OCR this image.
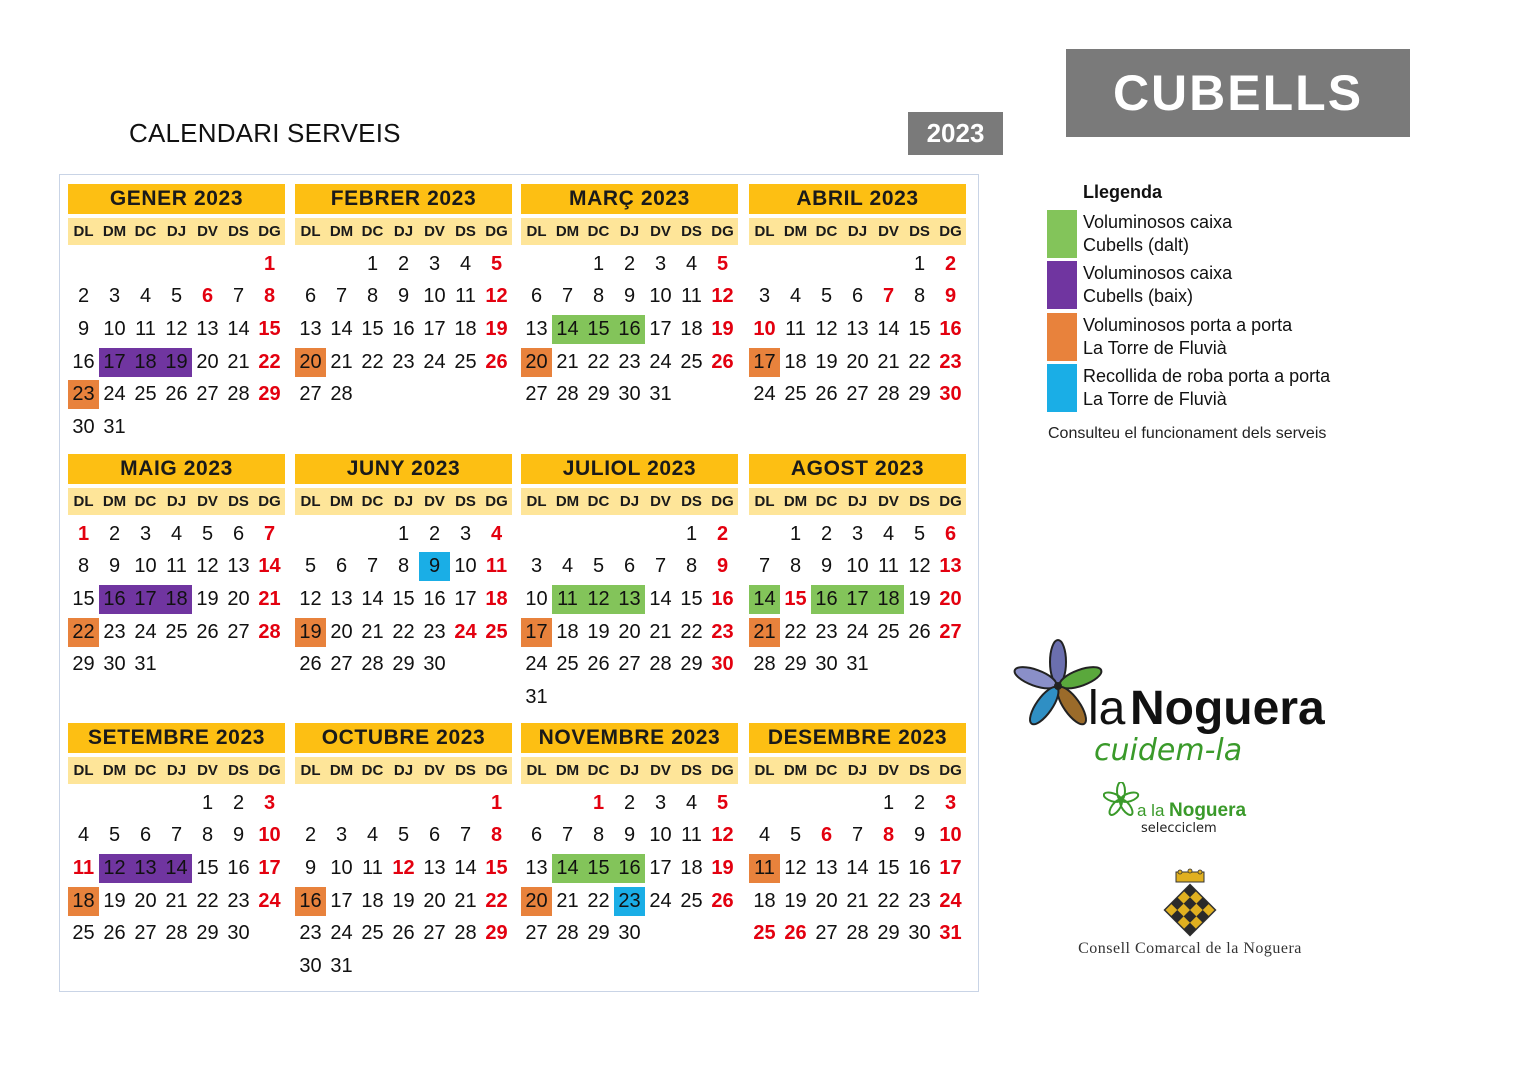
CALENDARI SERVEIS	2023
CUBELLS
GENER 2023
DL DM DC DJ DV DS DG
1
2 3 4 5 6 7 8
9 10 11 12 13 14 15
16 17 18 19 20 21 22
23 24 25 26 27 28 29
30 31
FEBRER 2023
DL DM DC DJ DV DS DG
1 2 3 4 5
6 7 8 9 10 11 12
13 14 15 16 17 18 19
20 21 22 23 24 25 26
27 28
MARÇ 2023
DL DM DC DJ DV DS DG
1 2 3 4 5
6 7 8 9 10 11 12
13 14 15 16 17 18 19
20 21 22 23 24 25 26
27 28 29 30 31
ABRIL 2023
DL DM DC DJ DV DS DG
1 2
3 4 5 6 7 8 9
10 11 12 13 14 15 16
17 18 19 20 21 22 23
24 25 26 27 28 29 30
MAIG 2023
DL DM DC DJ DV DS DG
1 2 3 4 5 6 7
8 9 10 11 12 13 14
15 16 17 18 19 20 21
22 23 24 25 26 27 28
29 30 31
JUNY 2023
DL DM DC DJ DV DS DG
1 2 3 4
5 6 7 8 9 10 11
12 13 14 15 16 17 18
19 20 21 22 23 24 25
26 27 28 29 30
JULIOL 2023
DL DM DC DJ DV DS DG
1 2
3 4 5 6 7 8 9
10 11 12 13 14 15 16
17 18 19 20 21 22 23
24 25 26 27 28 29 30
31
AGOST 2023
DL DM DC DJ DV DS DG
1 2 3 4 5 6
7 8 9 10 11 12 13
14 15 16 17 18 19 20
21 22 23 24 25 26 27
28 29 30 31
SETEMBRE 2023
DL DM DC DJ DV DS DG
1 2 3
4 5 6 7 8 9 10
11 12 13 14 15 16 17
18 19 20 21 22 23 24
25 26 27 28 29 30
OCTUBRE 2023
DL DM DC DJ DV DS DG
1
2 3 4 5 6 7 8
9 10 11 12 13 14 15
16 17 18 19 20 21 22
23 24 25 26 27 28 29
30 31
NOVEMBRE 2023
DL DM DC DJ DV DS DG
1 2 3 4 5
6 7 8 9 10 11 12
13 14 15 16 17 18 19
20 21 22 23 24 25 26
27 28 29 30
DESEMBRE 2023
DL DM DC DJ DV DS DG
1 2 3
4 5 6 7 8 9 10
11 12 13 14 15 16 17
18 19 20 21 22 23 24
25 26 27 28 29 30 31
Llegenda
Voluminosos caixa
Cubells (dalt)
Voluminosos caixa
Cubells (baix)
Voluminosos porta a porta
La Torre de Fluvià
Recollida de roba porta a porta
La Torre de Fluvià
Consulteu el funcionament dels serveis
la Noguera
cuidem-la
a la Noguera
selecciclem
Consell Comarcal de la Noguera
